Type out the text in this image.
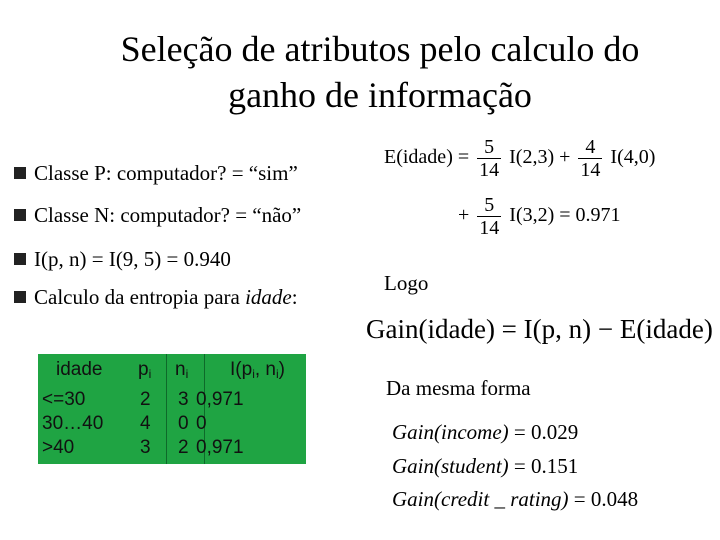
Seleção de atributos pelo calculo do
ganho de informação
Classe P: computador? = “sim”
Classe N: computador? = “não”
I(p, n) = I(9, 5) = 0.940
Calculo da entropia para idade:
idade $p_i$ $n_i$ $I(p_i$, $n_i$)
<=30	2 3 0,971
30…40 4 0 0
>40	3 2 0,971
E(idade) = $\frac{5}{14} I(2,3) + \frac{4}{14} I(4,0)$
+ $\frac{5}{14} I(3,2) = 0.971$
Logo
Gain(idade) = I(p, n) − E(idade)
Da mesma forma
Gain(income) = 0.029
Gain(student) = 0.151
Gain(credit _ rating) = 0.048
